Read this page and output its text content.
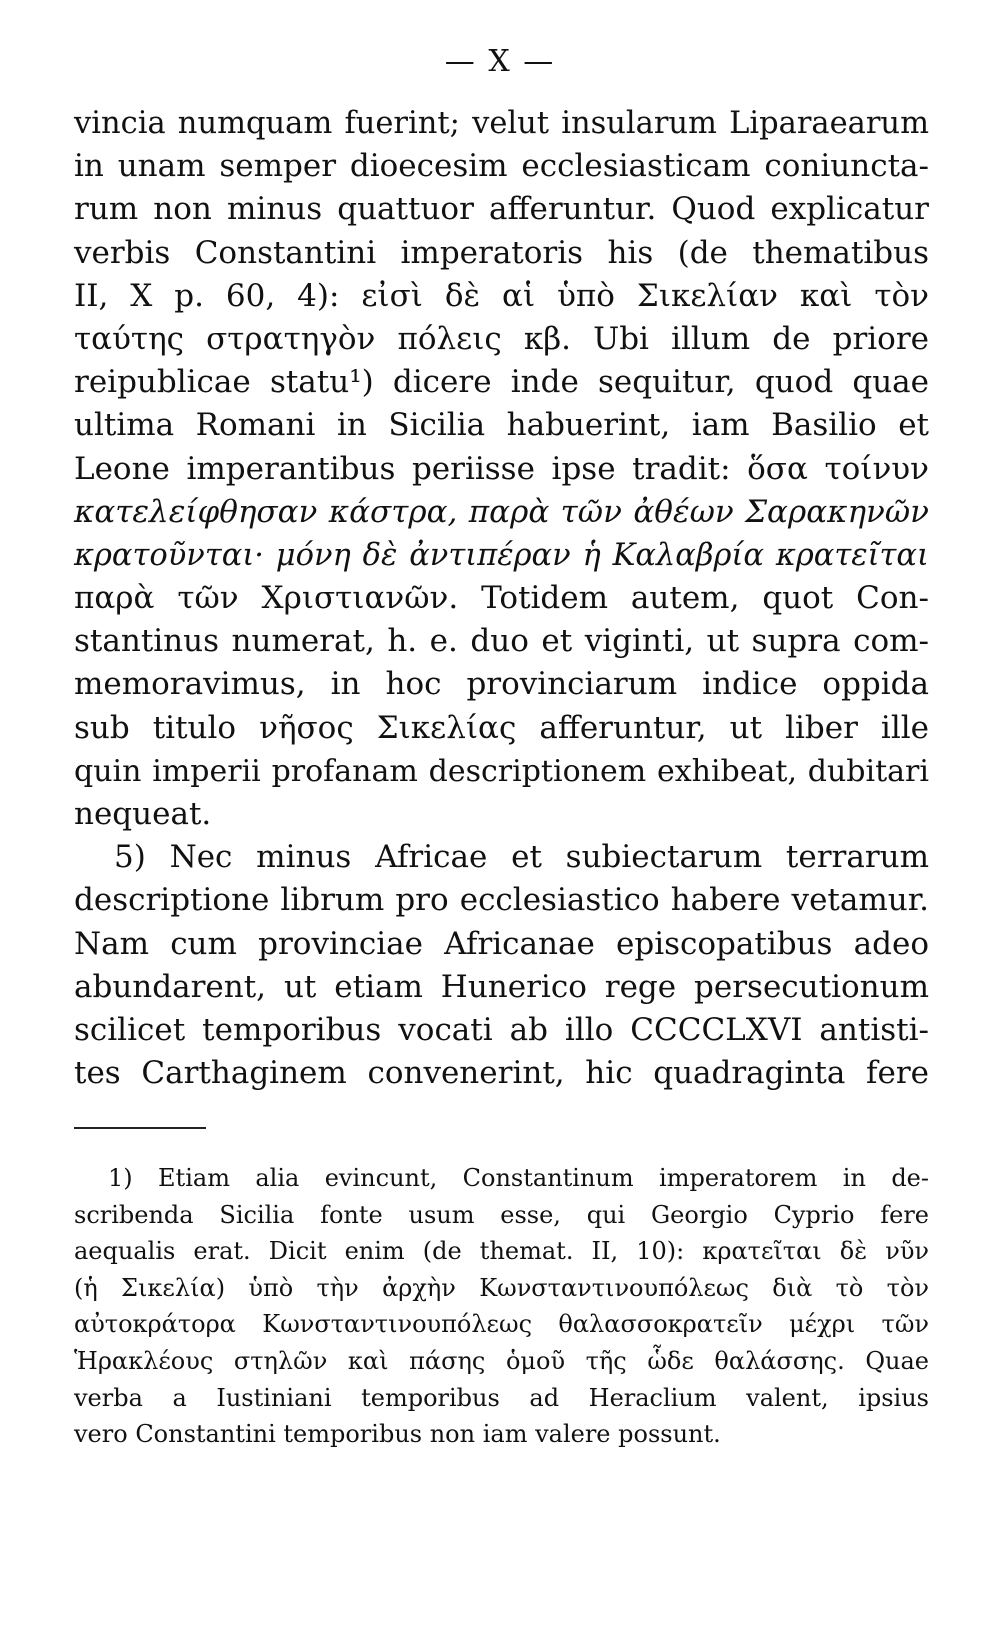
— X —
vincia numquam fuerint; velut insularum Liparaearum
in unam semper dioecesim ecclesiasticam coniuncta-
rum non minus quattuor afferuntur. Quod explicatur
verbis Constantini imperatoris his (de thematibus
II, X p. 60, 4): εἰσὶ δὲ αἱ ὑπὸ Σικελίαν καὶ τὸν
ταύτης στρατηγὸν πόλεις κβ. Ubi illum de priore
reipublicae statu¹) dicere inde sequitur, quod quae
ultima Romani in Sicilia habuerint, iam Basilio et
Leone imperantibus periisse ipse tradit: ὅσα τοίνυν
κατελείφθησαν κάστρα, παρὰ τῶν ἀθέων Σαρακηνῶν
κρατοῦνται· μόνη δὲ ἀντιπέραν ἡ Καλαβρία κρατεῖται
παρὰ τῶν Χριστιανῶν. Totidem autem, quot Con-
stantinus numerat, h. e. duo et viginti, ut supra com-
memoravimus, in hoc provinciarum indice oppida
sub titulo νῆσος Σικελίας afferuntur, ut liber ille
quin imperii profanam descriptionem exhibeat, dubitari
nequeat.
5) Nec minus Africae et subiectarum terrarum
descriptione librum pro ecclesiastico habere vetamur.
Nam cum provinciae Africanae episcopatibus adeo
abundarent, ut etiam Hunerico rege persecutionum
scilicet temporibus vocati ab illo CCCCLXVI antisti-
tes Carthaginem convenerint, hic quadraginta fere
1) Etiam alia evincunt, Constantinum imperatorem in de-
scribenda Sicilia fonte usum esse, qui Georgio Cyprio fere
aequalis erat. Dicit enim (de themat. II, 10): κρατεῖται δὲ νῦν
(ἡ Σικελία) ὑπὸ τὴν ἀρχὴν Κωνσταντινουπόλεως διὰ τὸ τὸν
αὐτοκράτορα Κωνσταντινουπόλεως θαλασσοκρατεῖν μέχρι τῶν
Ἡρακλέους στηλῶν καὶ πάσης ὁμοῦ τῆς ὧδε θαλάσσης. Quae
verba a Iustiniani temporibus ad Heraclium valent, ipsius
vero Constantini temporibus non iam valere possunt.
